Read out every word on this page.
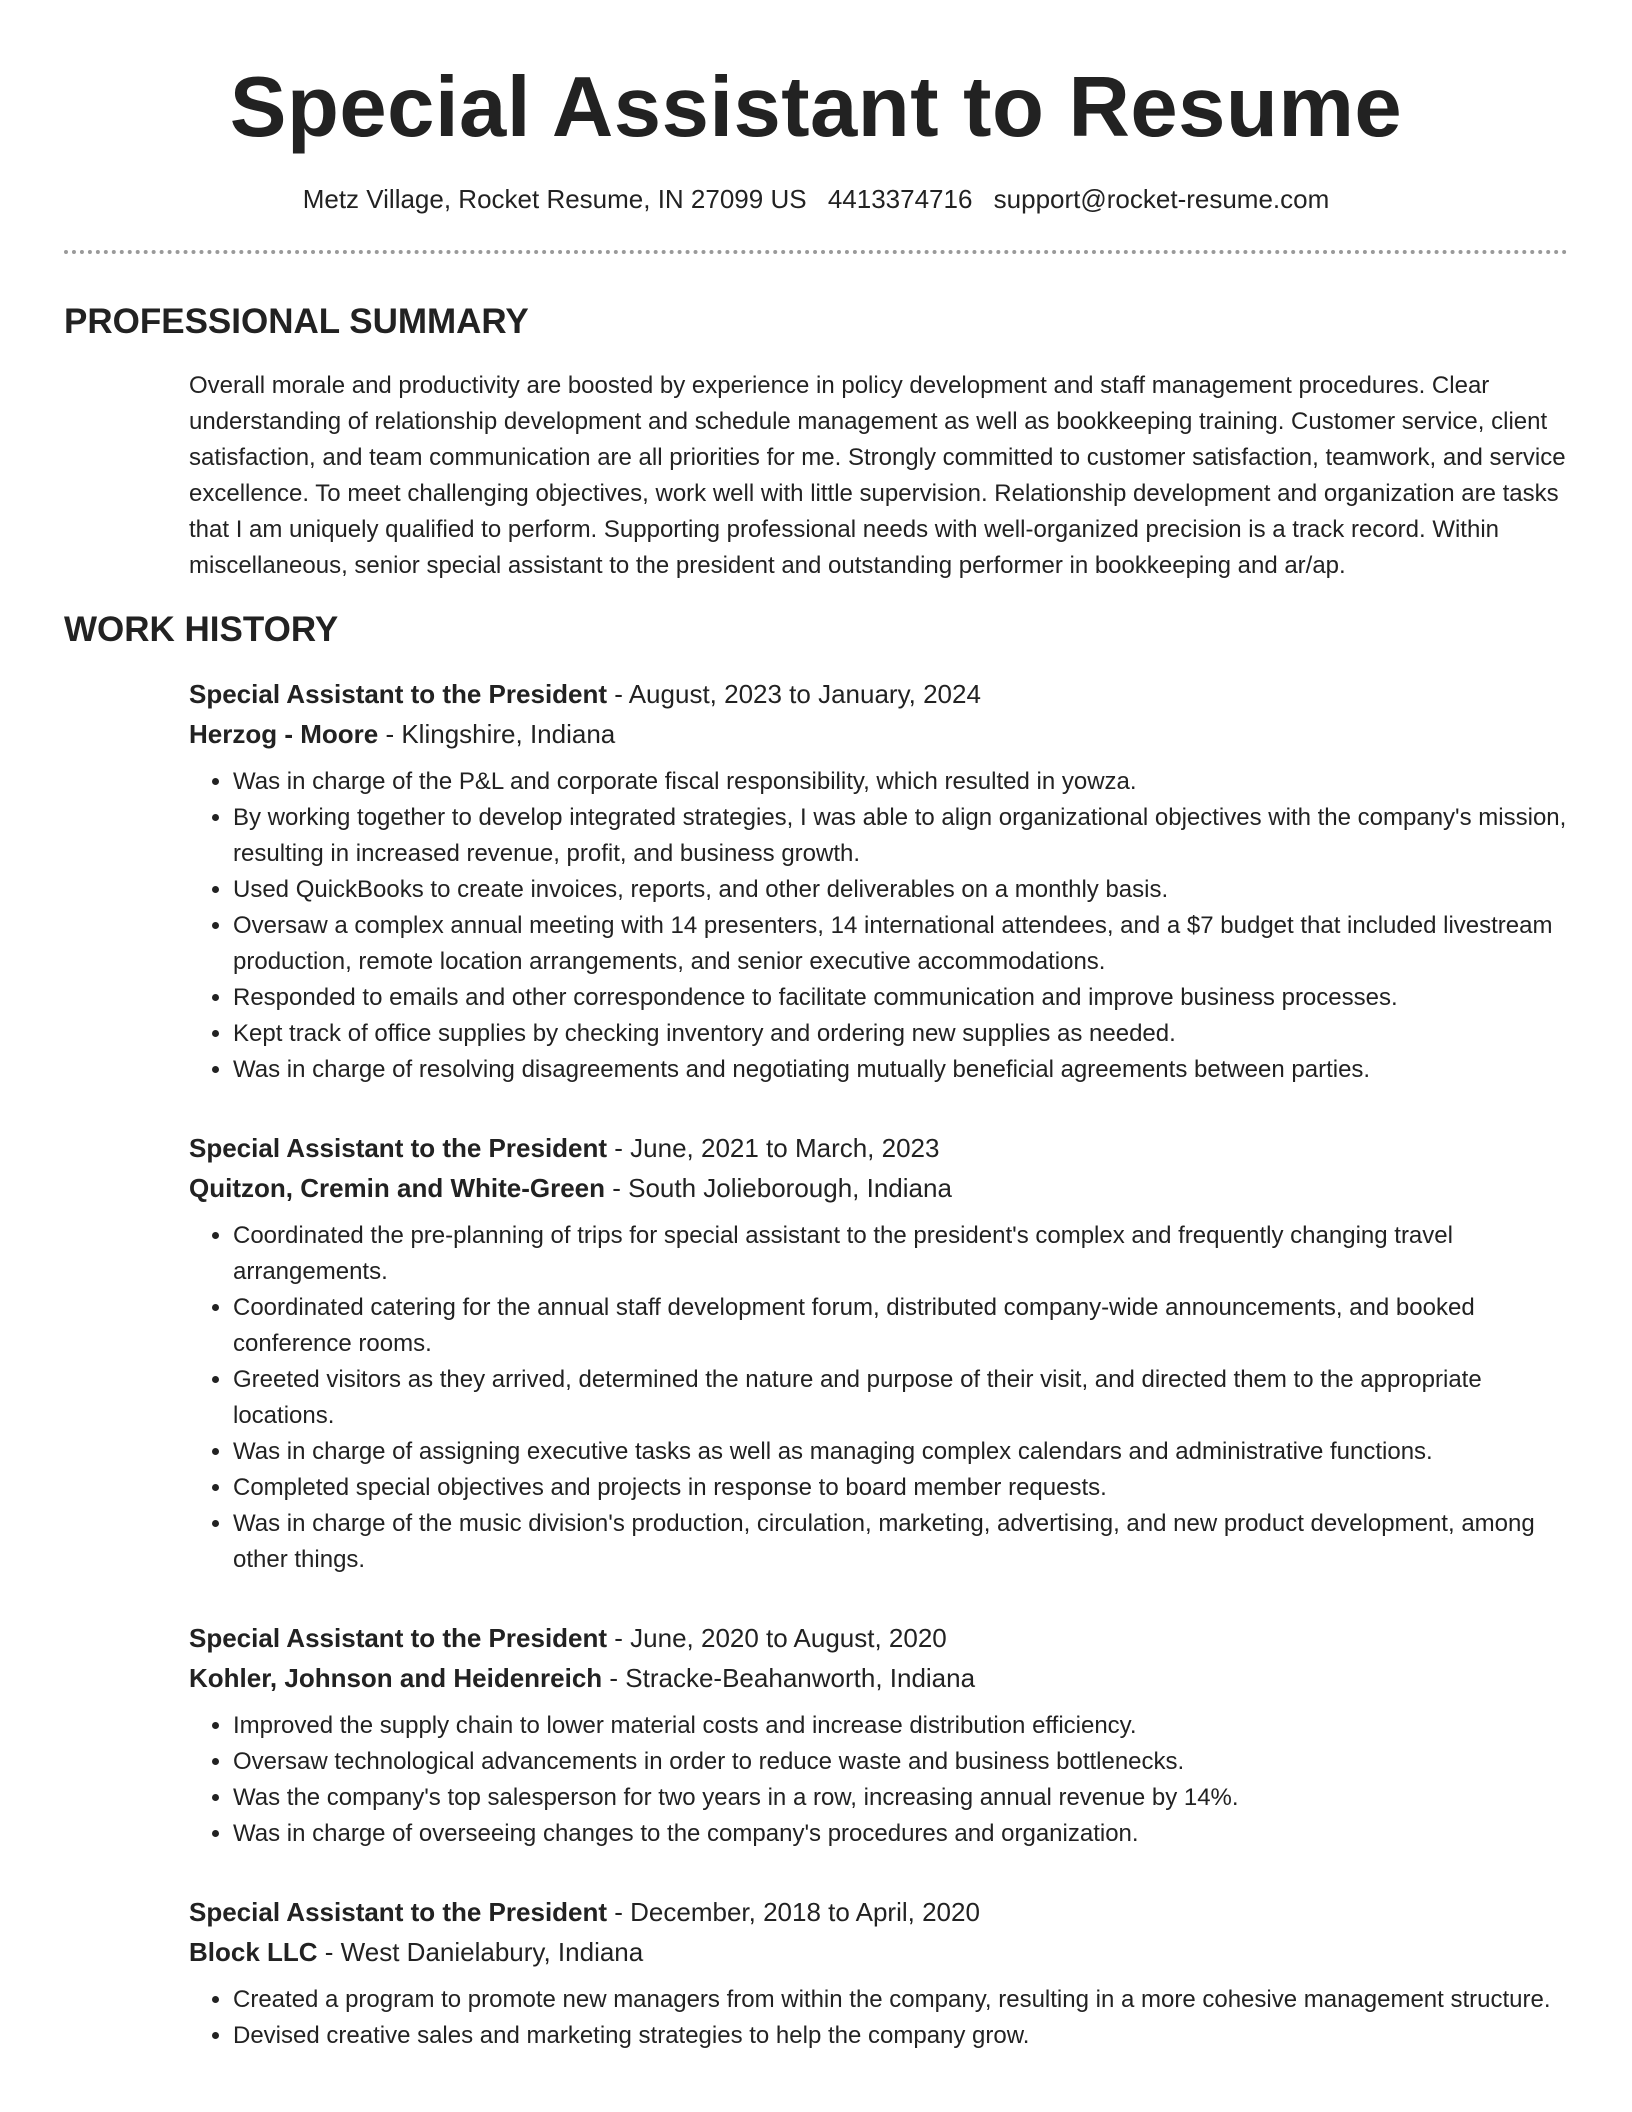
Special Assistant to Resume
Metz Village, Rocket Resume, IN 27099 US 4413374716 support@rocket-resume.com
PROFESSIONAL SUMMARY

Overall morale and productivity are boosted by experience in policy development and staff management procedures. Clear understanding of relationship development and schedule management as well as bookkeeping training. Customer service, client satisfaction, and team communication are all priorities for me. Strongly committed to customer satisfaction, teamwork, and service excellence. To meet challenging objectives, work well with little supervision. Relationship development and organization are tasks that I am uniquely qualified to perform. Supporting professional needs with well-organized precision is a track record. Within miscellaneous, senior special assistant to the president and outstanding performer in bookkeeping and ar/ap.

WORK HISTORY
Special Assistant to the President - August, 2023 to January, 2024
Herzog - Moore - Klingshire, Indiana
• Was in charge of the P&L and corporate fiscal responsibility, which resulted in yowza.
• By working together to develop integrated strategies, I was able to align organizational objectives with the company's mission, resulting in increased revenue, profit, and business growth.
• Used QuickBooks to create invoices, reports, and other deliverables on a monthly basis.
• Oversaw a complex annual meeting with 14 presenters, 14 international attendees, and a $7 budget that included livestream production, remote location arrangements, and senior executive accommodations.
• Responded to emails and other correspondence to facilitate communication and improve business processes.
• Kept track of office supplies by checking inventory and ordering new supplies as needed.
• Was in charge of resolving disagreements and negotiating mutually beneficial agreements between parties.
Special Assistant to the President - June, 2021 to March, 2023
Quitzon, Cremin and White-Green - South Jolieborough, Indiana
• Coordinated the pre-planning of trips for special assistant to the president's complex and frequently changing travel arrangements.
• Coordinated catering for the annual staff development forum, distributed company-wide announcements, and booked conference rooms.
• Greeted visitors as they arrived, determined the nature and purpose of their visit, and directed them to the appropriate locations.
• Was in charge of assigning executive tasks as well as managing complex calendars and administrative functions.
• Completed special objectives and projects in response to board member requests.
• Was in charge of the music division's production, circulation, marketing, advertising, and new product development, among other things.
Special Assistant to the President - June, 2020 to August, 2020
Kohler, Johnson and Heidenreich - Stracke-Beahanworth, Indiana
• Improved the supply chain to lower material costs and increase distribution efficiency.
• Oversaw technological advancements in order to reduce waste and business bottlenecks.
• Was the company's top salesperson for two years in a row, increasing annual revenue by 14%.
• Was in charge of overseeing changes to the company's procedures and organization.
Special Assistant to the President - December, 2018 to April, 2020
Block LLC - West Danielabury, Indiana
• Created a program to promote new managers from within the company, resulting in a more cohesive management structure.
• Devised creative sales and marketing strategies to help the company grow.
